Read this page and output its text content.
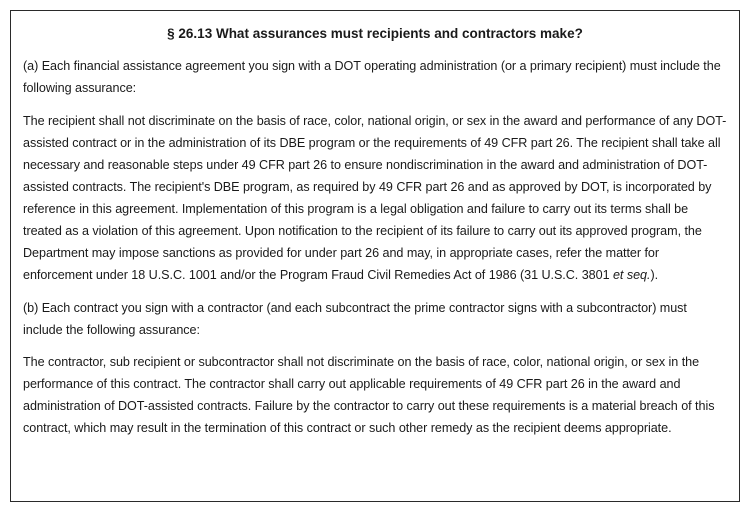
§ 26.13 What assurances must recipients and contractors make?

(a) Each financial assistance agreement you sign with a DOT operating administration (or a primary recipient) must include the following assurance:

The recipient shall not discriminate on the basis of race, color, national origin, or sex in the award and performance of any DOT-assisted contract or in the administration of its DBE program or the requirements of 49 CFR part 26. The recipient shall take all necessary and reasonable steps under 49 CFR part 26 to ensure nondiscrimination in the award and administration of DOT-assisted contracts. The recipient's DBE program, as required by 49 CFR part 26 and as approved by DOT, is incorporated by reference in this agreement. Implementation of this program is a legal obligation and failure to carry out its terms shall be treated as a violation of this agreement. Upon notification to the recipient of its failure to carry out its approved program, the Department may impose sanctions as provided for under part 26 and may, in appropriate cases, refer the matter for enforcement under 18 U.S.C. 1001 and/or the Program Fraud Civil Remedies Act of 1986 (31 U.S.C. 3801 et seq.).

(b) Each contract you sign with a contractor (and each subcontract the prime contractor signs with a subcontractor) must include the following assurance:

The contractor, sub recipient or subcontractor shall not discriminate on the basis of race, color, national origin, or sex in the performance of this contract. The contractor shall carry out applicable requirements of 49 CFR part 26 in the award and administration of DOT-assisted contracts. Failure by the contractor to carry out these requirements is a material breach of this contract, which may result in the termination of this contract or such other remedy as the recipient deems appropriate.
